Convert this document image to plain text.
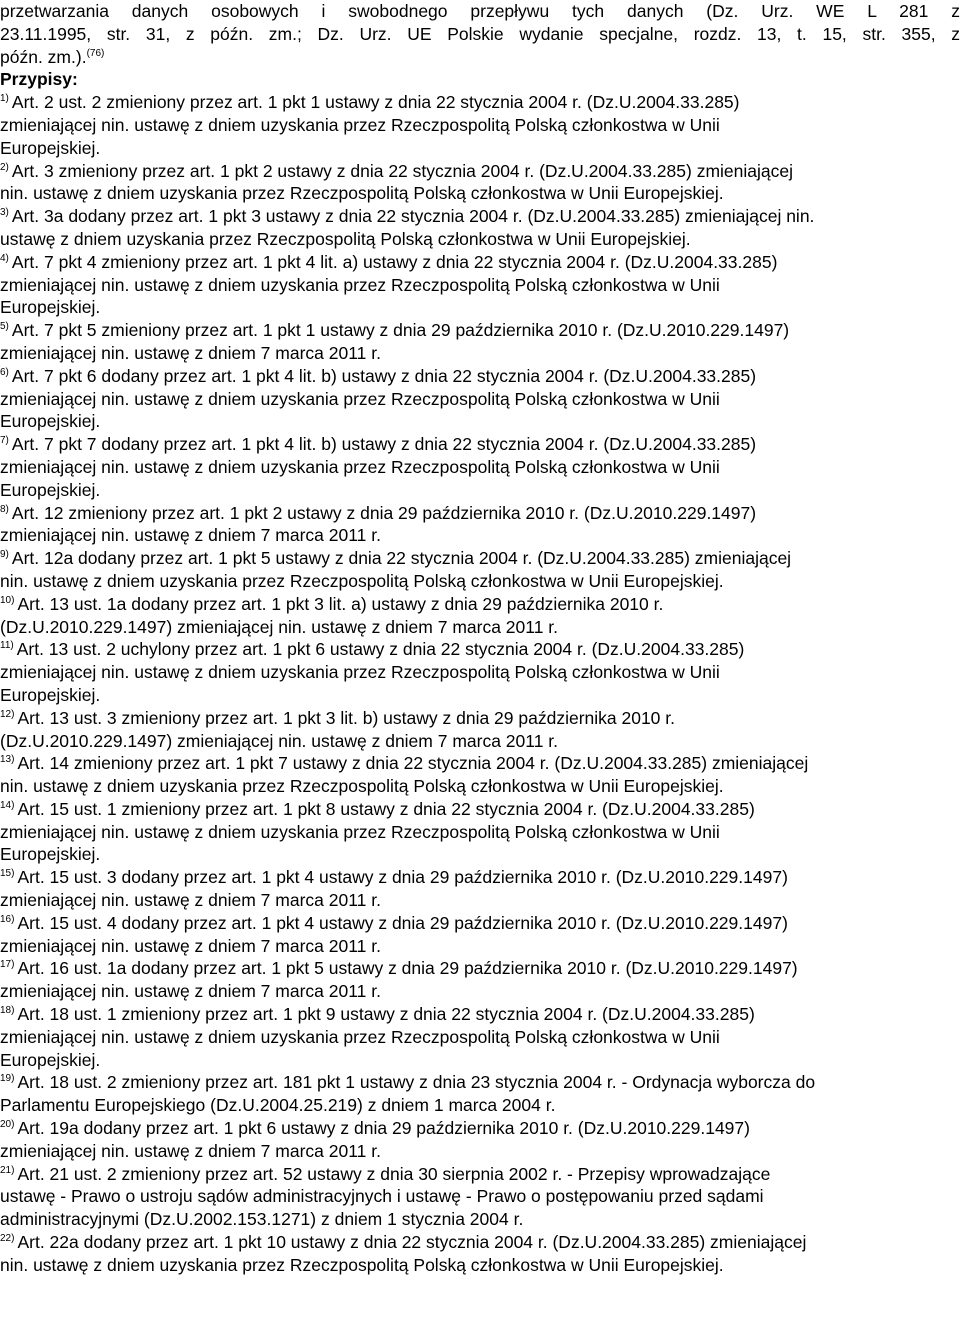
przetwarzania danych osobowych i swobodnego przepływu tych danych (Dz. Urz. WE L 281 z
23.11.1995, str. 31, z późn. zm.; Dz. Urz. UE Polskie wydanie specjalne, rozdz. 13, t. 15, str. 355, z
późn. zm.).$^{(76)}$
Przypisy:
$^{1)}$ Art. 2 ust. 2 zmieniony przez art. 1 pkt 1 ustawy z dnia 22 stycznia 2004 r. (Dz.U.2004.33.285)
zmieniającej nin. ustawę z dniem uzyskania przez Rzeczpospolitą Polską członkostwa w Unii
Europejskiej.
$^{2)}$ Art. 3 zmieniony przez art. 1 pkt 2 ustawy z dnia 22 stycznia 2004 r. (Dz.U.2004.33.285) zmieniającej
nin. ustawę z dniem uzyskania przez Rzeczpospolitą Polską członkostwa w Unii Europejskiej.
$^{3)}$ Art. 3a dodany przez art. 1 pkt 3 ustawy z dnia 22 stycznia 2004 r. (Dz.U.2004.33.285) zmieniającej nin.
ustawę z dniem uzyskania przez Rzeczpospolitą Polską członkostwa w Unii Europejskiej.
$^{4)}$ Art. 7 pkt 4 zmieniony przez art. 1 pkt 4 lit. a) ustawy z dnia 22 stycznia 2004 r. (Dz.U.2004.33.285)
zmieniającej nin. ustawę z dniem uzyskania przez Rzeczpospolitą Polską członkostwa w Unii
Europejskiej.
$^{5)}$ Art. 7 pkt 5 zmieniony przez art. 1 pkt 1 ustawy z dnia 29 października 2010 r. (Dz.U.2010.229.1497)
zmieniającej nin. ustawę z dniem 7 marca 2011 r.
$^{6)}$ Art. 7 pkt 6 dodany przez art. 1 pkt 4 lit. b) ustawy z dnia 22 stycznia 2004 r. (Dz.U.2004.33.285)
zmieniającej nin. ustawę z dniem uzyskania przez Rzeczpospolitą Polską członkostwa w Unii
Europejskiej.
$^{7)}$ Art. 7 pkt 7 dodany przez art. 1 pkt 4 lit. b) ustawy z dnia 22 stycznia 2004 r. (Dz.U.2004.33.285)
zmieniającej nin. ustawę z dniem uzyskania przez Rzeczpospolitą Polską członkostwa w Unii
Europejskiej.
$^{8)}$ Art. 12 zmieniony przez art. 1 pkt 2 ustawy z dnia 29 października 2010 r. (Dz.U.2010.229.1497)
zmieniającej nin. ustawę z dniem 7 marca 2011 r.
$^{9)}$ Art. 12a dodany przez art. 1 pkt 5 ustawy z dnia 22 stycznia 2004 r. (Dz.U.2004.33.285) zmieniającej
nin. ustawę z dniem uzyskania przez Rzeczpospolitą Polską członkostwa w Unii Europejskiej.
$^{10)}$ Art. 13 ust. 1a dodany przez art. 1 pkt 3 lit. a) ustawy z dnia 29 października 2010 r.
(Dz.U.2010.229.1497) zmieniającej nin. ustawę z dniem 7 marca 2011 r.
$^{11)}$ Art. 13 ust. 2 uchylony przez art. 1 pkt 6 ustawy z dnia 22 stycznia 2004 r. (Dz.U.2004.33.285)
zmieniającej nin. ustawę z dniem uzyskania przez Rzeczpospolitą Polską członkostwa w Unii
Europejskiej.
$^{12)}$ Art. 13 ust. 3 zmieniony przez art. 1 pkt 3 lit. b) ustawy z dnia 29 października 2010 r.
(Dz.U.2010.229.1497) zmieniającej nin. ustawę z dniem 7 marca 2011 r.
$^{13)}$ Art. 14 zmieniony przez art. 1 pkt 7 ustawy z dnia 22 stycznia 2004 r. (Dz.U.2004.33.285) zmieniającej
nin. ustawę z dniem uzyskania przez Rzeczpospolitą Polską członkostwa w Unii Europejskiej.
$^{14)}$ Art. 15 ust. 1 zmieniony przez art. 1 pkt 8 ustawy z dnia 22 stycznia 2004 r. (Dz.U.2004.33.285)
zmieniającej nin. ustawę z dniem uzyskania przez Rzeczpospolitą Polską członkostwa w Unii
Europejskiej.
$^{15)}$ Art. 15 ust. 3 dodany przez art. 1 pkt 4 ustawy z dnia 29 października 2010 r. (Dz.U.2010.229.1497)
zmieniającej nin. ustawę z dniem 7 marca 2011 r.
$^{16)}$ Art. 15 ust. 4 dodany przez art. 1 pkt 4 ustawy z dnia 29 października 2010 r. (Dz.U.2010.229.1497)
zmieniającej nin. ustawę z dniem 7 marca 2011 r.
$^{17)}$ Art. 16 ust. 1a dodany przez art. 1 pkt 5 ustawy z dnia 29 października 2010 r. (Dz.U.2010.229.1497)
zmieniającej nin. ustawę z dniem 7 marca 2011 r.
$^{18)}$ Art. 18 ust. 1 zmieniony przez art. 1 pkt 9 ustawy z dnia 22 stycznia 2004 r. (Dz.U.2004.33.285)
zmieniającej nin. ustawę z dniem uzyskania przez Rzeczpospolitą Polską członkostwa w Unii
Europejskiej.
$^{19)}$ Art. 18 ust. 2 zmieniony przez art. 181 pkt 1 ustawy z dnia 23 stycznia 2004 r. - Ordynacja wyborcza do
Parlamentu Europejskiego (Dz.U.2004.25.219) z dniem 1 marca 2004 r.
$^{20)}$ Art. 19a dodany przez art. 1 pkt 6 ustawy z dnia 29 października 2010 r. (Dz.U.2010.229.1497)
zmieniającej nin. ustawę z dniem 7 marca 2011 r.
$^{21)}$ Art. 21 ust. 2 zmieniony przez art. 52 ustawy z dnia 30 sierpnia 2002 r. - Przepisy wprowadzające
ustawę - Prawo o ustroju sądów administracyjnych i ustawę - Prawo o postępowaniu przed sądami
administracyjnymi (Dz.U.2002.153.1271) z dniem 1 stycznia 2004 r.
$^{22)}$ Art. 22a dodany przez art. 1 pkt 10 ustawy z dnia 22 stycznia 2004 r. (Dz.U.2004.33.285) zmieniającej
nin. ustawę z dniem uzyskania przez Rzeczpospolitą Polską członkostwa w Unii Europejskiej.
